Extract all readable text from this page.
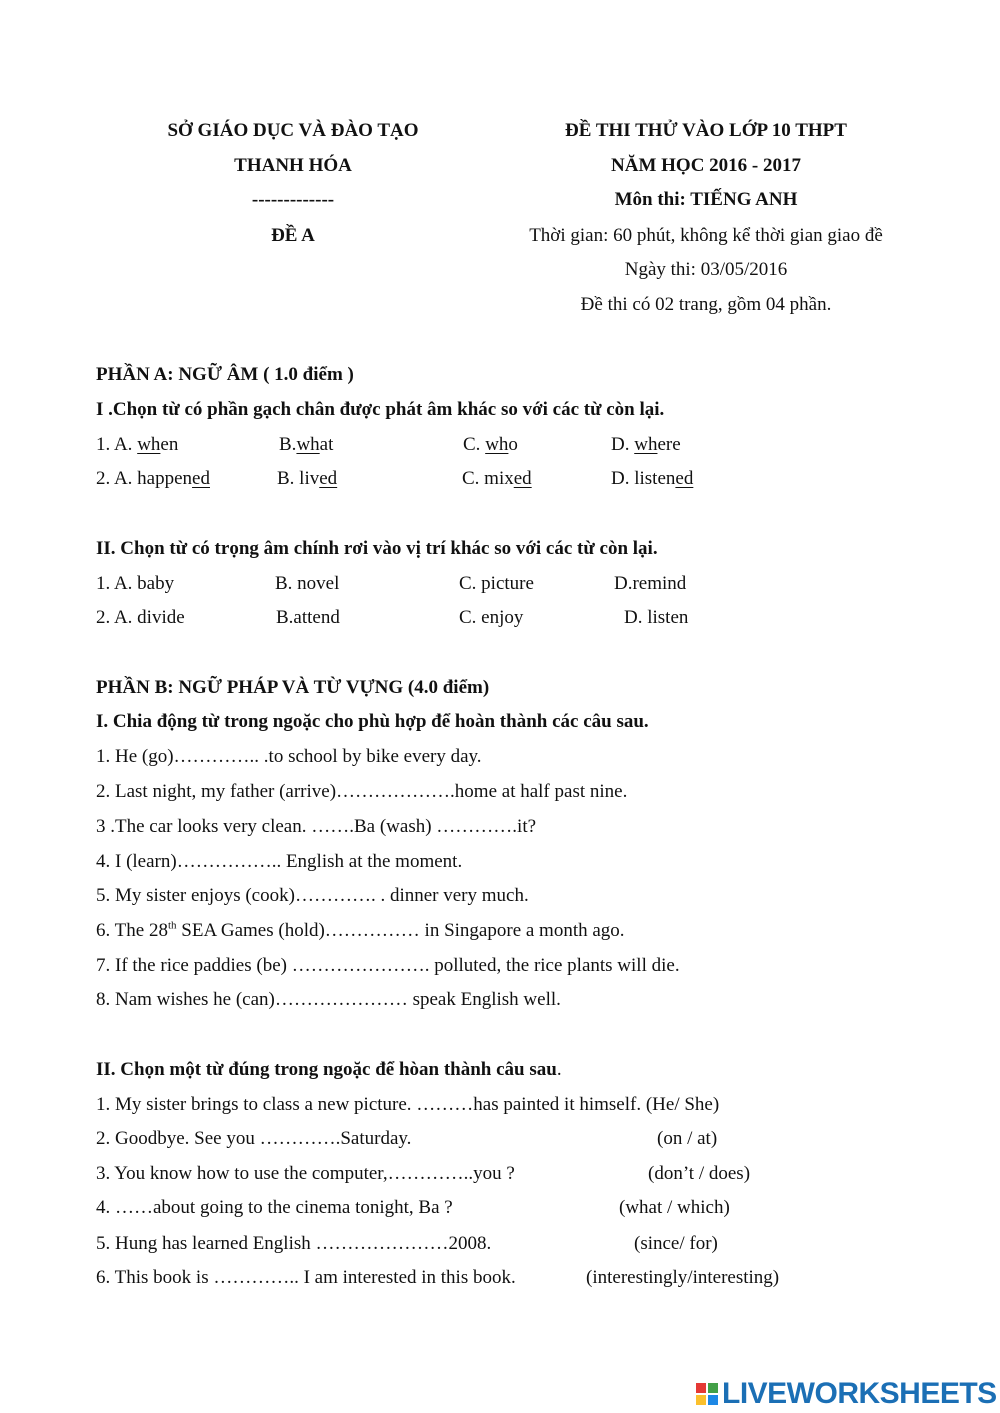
SỞ GIÁO DỤC VÀ ĐÀO TẠO
THANH HÓA
-------------
ĐỀ A
ĐỀ THI THỬ VÀO LỚP 10 THPT
NĂM HỌC 2016 - 2017
Môn thi: TIẾNG ANH
Thời gian: 60 phút, không kể thời gian giao đề
Ngày thi: 03/05/2016
Đề thi có 02 trang, gồm 04 phần.
PHẦN A: NGỮ ÂM ( 1.0 điểm )
I .Chọn từ có phần gạch chân được phát âm khác so với các từ còn lại.
1. A. when	B.what	C. who	D. where
2. A. happened	B. lived	C. mixed	D. listened
II. Chọn từ có trọng âm chính rơi vào vị trí khác so với các từ còn lại.
1. A. baby	B. novel	C. picture	D.remind
2. A. divide	B.attend	C. enjoy	D. listen
PHẦN B: NGỮ PHÁP VÀ TỪ VỰNG (4.0 điểm)
I. Chia động từ trong ngoặc cho phù hợp để hoàn thành các câu sau.
1. He (go)………….. .to school by bike every day.
2. Last night, my father (arrive)……………….home at half past nine.
3 .The car looks very clean. …….Ba (wash) ………….it?
4. I (learn)…………….. English at the moment.
5. My sister enjoys (cook)…………. . dinner very much.
6. The 28th SEA Games (hold)…………… in Singapore a month ago.
7. If the rice paddies (be) …………………. polluted, the rice plants will die.
8. Nam wishes he (can)………………… speak English well.
II. Chọn một từ đúng trong ngoặc để hòan thành câu sau.
1. My sister brings to class a new picture. ………has painted it himself. (He/ She)
2. Goodbye. See you ………….Saturday.	(on / at)
3. You know how to use the computer,…………..you ?	(don’t / does)
4. ……about going to the cinema tonight, Ba ?	(what / which)
5. Hung has learned English …………………2008.	(since/ for)
6. This book is ………….. I am interested in this book.	(interestingly/interesting)
LIVEWORKSHEETS
